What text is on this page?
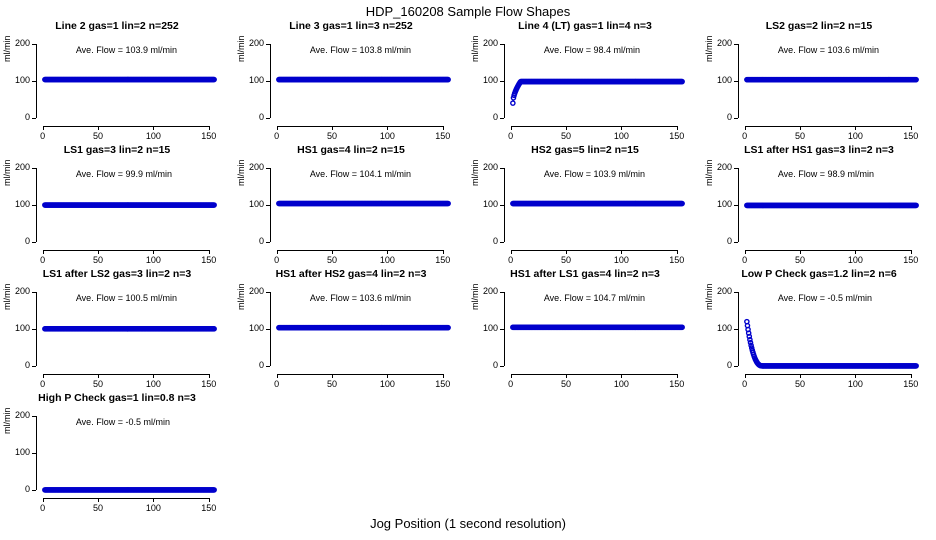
HDP_160208 Sample Flow Shapes
Line 2 gas=1 lin=2 n=252
ml/min
0	50	100	150
0
100
200
Ave. Flow = 103.9 ml/min
Line 3 gas=1 lin=3 n=252
ml/min
0	50	100	150
0
100
200
Ave. Flow = 103.8 ml/min
Line 4 (LT) gas=1 lin=4 n=3
ml/min
0	50	100	150
0
100
200
Ave. Flow = 98.4 ml/min
LS2 gas=2 lin=2 n=15
ml/min
0	50	100	150
0
100
200
Ave. Flow = 103.6 ml/min
LS1 gas=3 lin=2 n=15
ml/min
0	50	100	150
0
100
200
Ave. Flow = 99.9 ml/min
HS1 gas=4 lin=2 n=15
ml/min
0	50	100	150
0
100
200
Ave. Flow = 104.1 ml/min
HS2 gas=5 lin=2 n=15
ml/min
0	50	100	150
0
100
200
Ave. Flow = 103.9 ml/min
LS1 after HS1 gas=3 lin=2 n=3
ml/min
0	50	100	150
0
100
200
Ave. Flow = 98.9 ml/min
LS1 after LS2 gas=3 lin=2 n=3
ml/min
0	50	100	150
0
100
200
Ave. Flow = 100.5 ml/min
HS1 after HS2 gas=4 lin=2 n=3
ml/min
0	50	100	150
0
100
200
Ave. Flow = 103.6 ml/min
HS1 after LS1 gas=4 lin=2 n=3
ml/min
0	50	100	150
0
100
200
Ave. Flow = 104.7 ml/min
Low P Check gas=1.2 lin=2 n=6
ml/min
0	50	100	150
0
100
200
Ave. Flow = -0.5 ml/min
High P Check gas=1 lin=0.8 n=3
ml/min
0	50	100	150
0
100
200
Ave. Flow = -0.5 ml/min
Jog Position (1 second resolution)
